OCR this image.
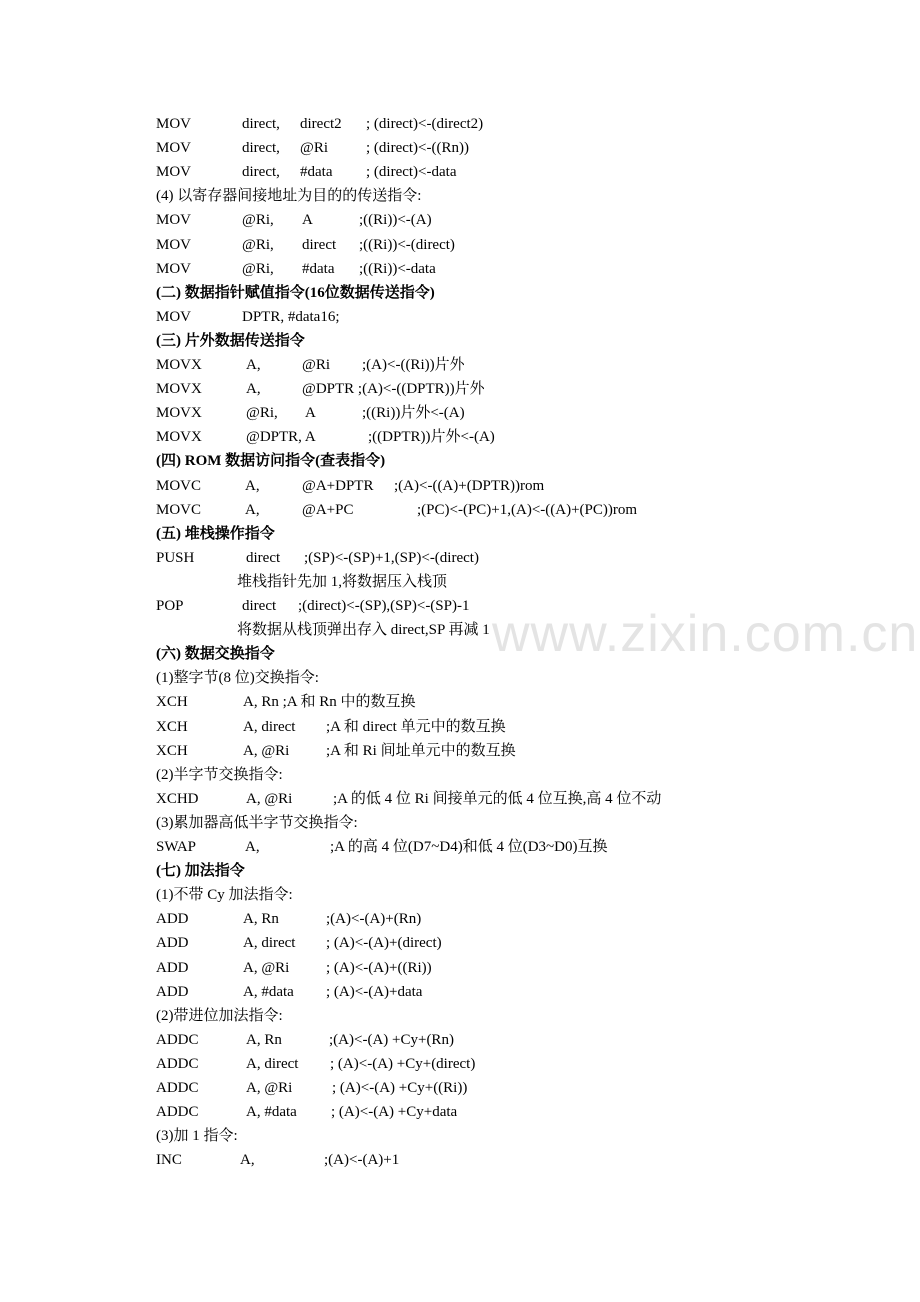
www.zixin.com.cn
MOV	direct, direct2 ; (direct)<-(direct2)
MOV	direct, @Ri	; (direct)<-((Rn))
MOV	direct, #data ; (direct)<-data
(4) 以寄存器间接地址为目的的传送指令:
MOV	@Ri, A	;((Ri))<-(A)
MOV	@Ri, direct ;((Ri))<-(direct)
MOV	@Ri, #data ;((Ri))<-data
(二) 数据指针赋值指令(16位数据传送指令)
MOV	DPTR, #data16;
(三) 片外数据传送指令
MOVX	A,	@Ri ;(A)<-((Ri))片外
MOVX	A,	@DPTR ;(A)<-((DPTR))片外
MOVX	@Ri, A	;((Ri))片外<-(A)
MOVX	@DPTR, A	;((DPTR))片外<-(A)
(四) ROM 数据访问指令(查表指令)
MOVC	A,	@A+DPTR ;(A)<-((A)+(DPTR))rom
MOVC	A,	@A+PC	;(PC)<-(PC)+1,(A)<-((A)+(PC))rom
(五) 堆栈操作指令
PUSH	direct ;(SP)<-(SP)+1,(SP)<-(direct)
堆栈指针先加 1,将数据压入栈顶
POP	direct ;(direct)<-(SP),(SP)<-(SP)-1
将数据从栈顶弹出存入 direct,SP 再减 1
(六) 数据交换指令
(1)整字节(8 位)交换指令:
XCH	A, Rn ;A 和 Rn 中的数互换
XCH	A, direct ;A 和 direct 单元中的数互换
XCH	A, @Ri ;A 和 Ri 间址单元中的数互换
(2)半字节交换指令:
XCHD	A, @Ri	;A 的低 4 位 Ri 间接单元的低 4 位互换,高 4 位不动
(3)累加器高低半字节交换指令:
SWAP	A,	;A 的高 4 位(D7~D4)和低 4 位(D3~D0)互换
(七) 加法指令
(1)不带 Cy 加法指令:
ADD	A, Rn	;(A)<-(A)+(Rn)
ADD	A, direct ; (A)<-(A)+(direct)
ADD	A, @Ri ; (A)<-(A)+((Ri))
ADD	A, #data ; (A)<-(A)+data
(2)带进位加法指令:
ADDC	A, Rn	;(A)<-(A) +Cy+(Rn)
ADDC	A, direct ; (A)<-(A) +Cy+(direct)
ADDC	A, @Ri	; (A)<-(A) +Cy+((Ri))
ADDC	A, #data ; (A)<-(A) +Cy+data
(3)加 1 指令:
INC	A,	;(A)<-(A)+1
